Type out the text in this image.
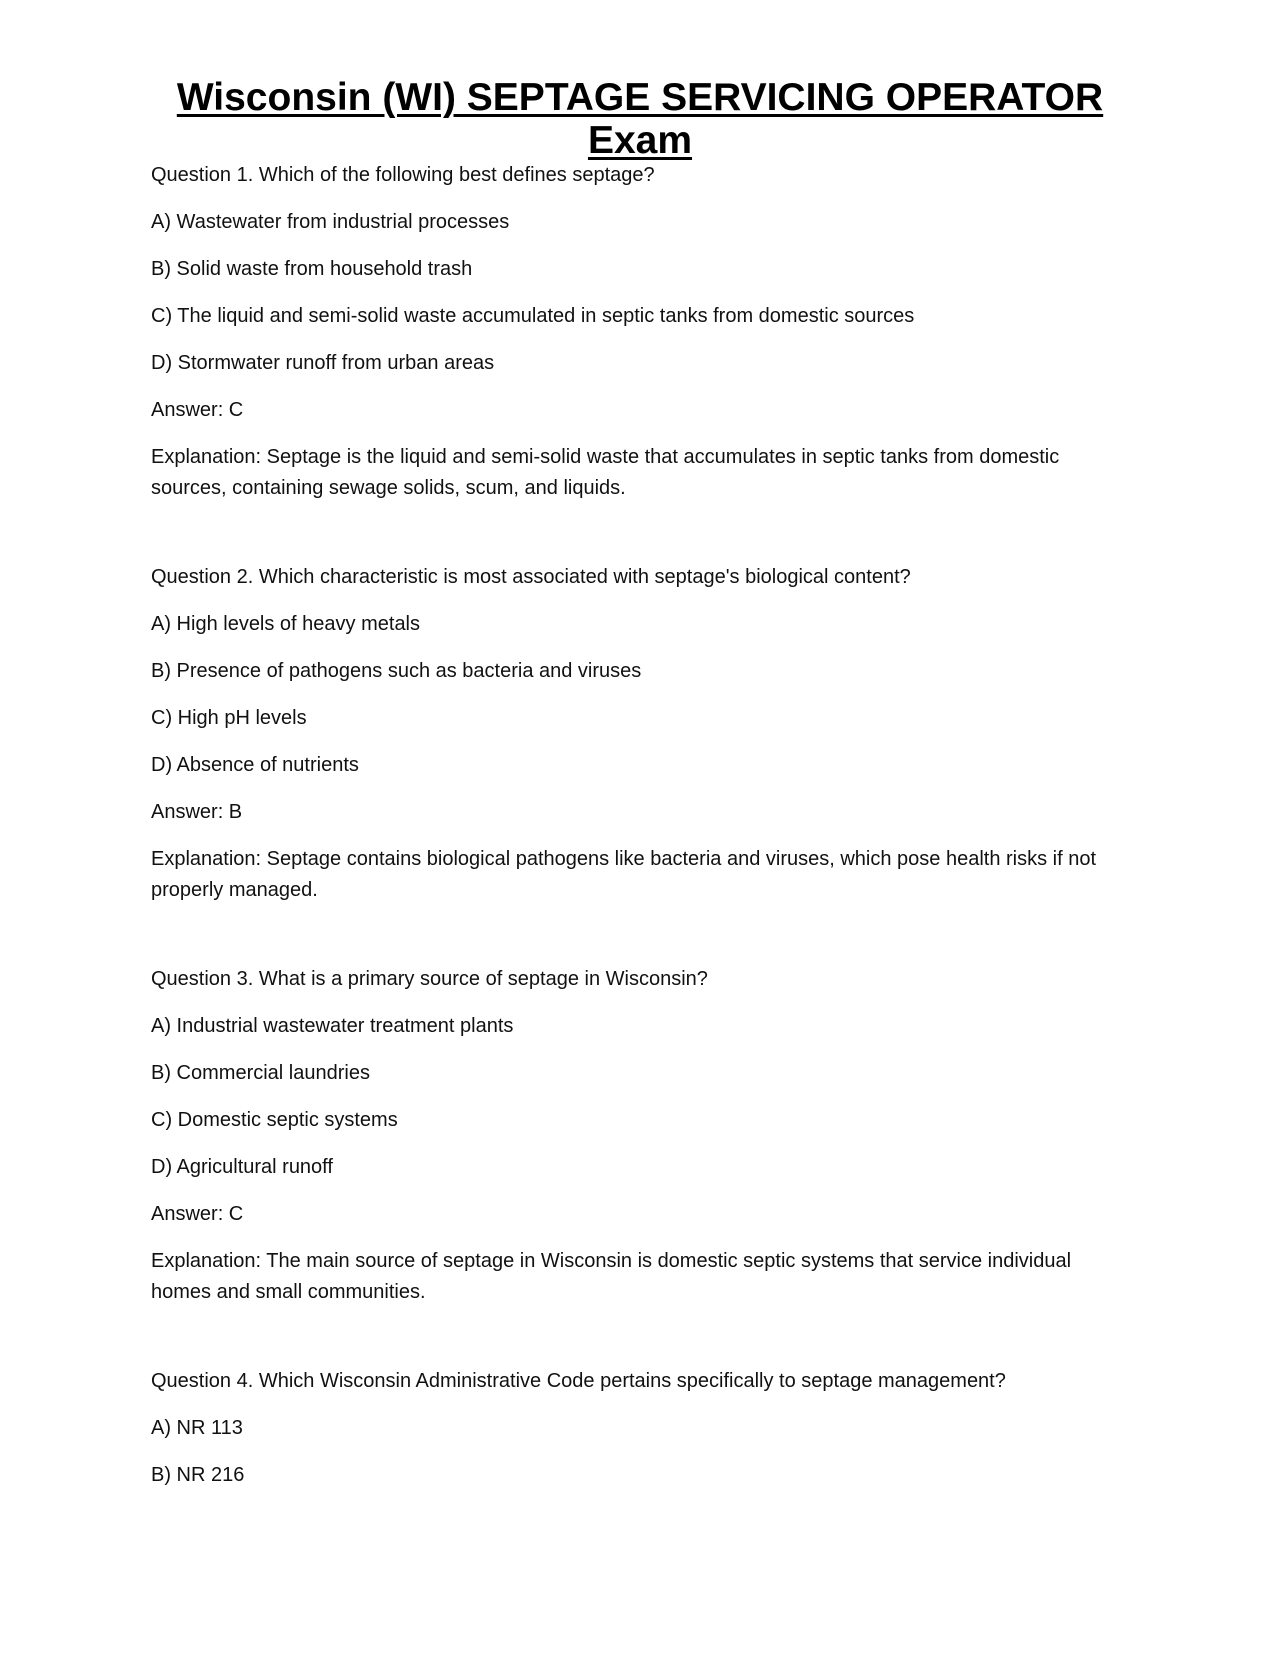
Wisconsin (WI) SEPTAGE SERVICING OPERATOR
Exam

Question 1. Which of the following best defines septage?

A) Wastewater from industrial processes

B) Solid waste from household trash

C) The liquid and semi-solid waste accumulated in septic tanks from domestic sources

D) Stormwater runoff from urban areas

Answer: C

Explanation: Septage is the liquid and semi-solid waste that accumulates in septic tanks from domestic sources, containing sewage solids, scum, and liquids.

Question 2. Which characteristic is most associated with septage's biological content?

A) High levels of heavy metals

B) Presence of pathogens such as bacteria and viruses

C) High pH levels

D) Absence of nutrients

Answer: B

Explanation: Septage contains biological pathogens like bacteria and viruses, which pose health risks if not properly managed.

Question 3. What is a primary source of septage in Wisconsin?

A) Industrial wastewater treatment plants

B) Commercial laundries

C) Domestic septic systems

D) Agricultural runoff

Answer: C

Explanation: The main source of septage in Wisconsin is domestic septic systems that service individual homes and small communities.

Question 4. Which Wisconsin Administrative Code pertains specifically to septage management?

A) NR 113

B) NR 216
